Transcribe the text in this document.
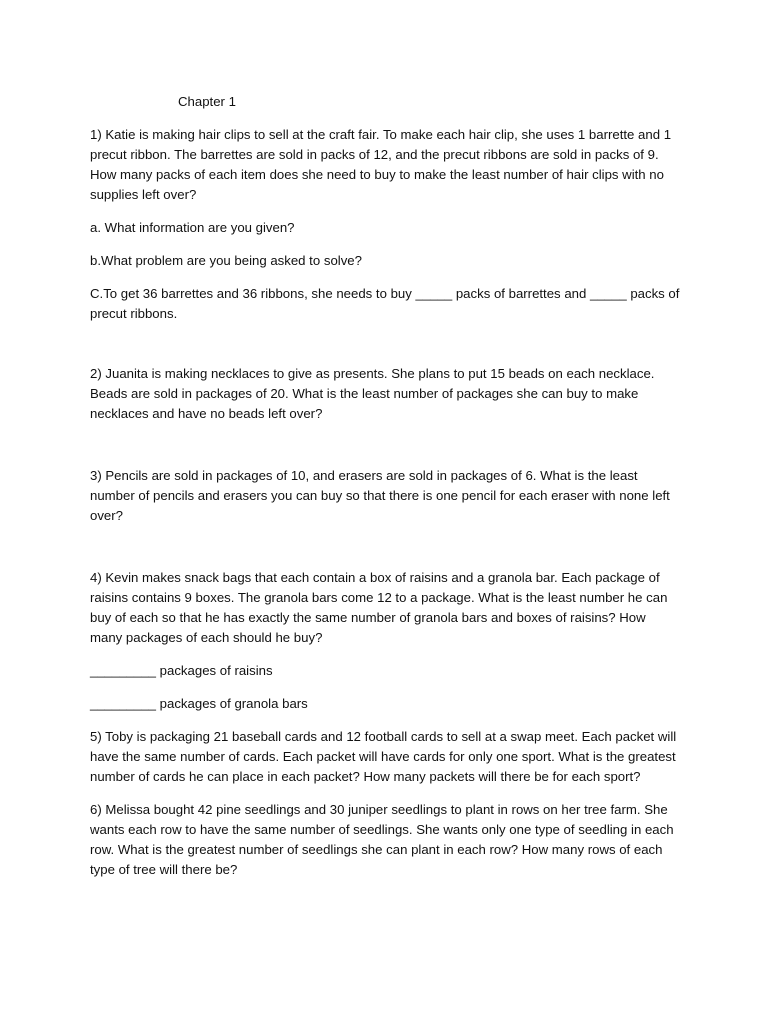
Chapter 1

1) Katie is making hair clips to sell at the craft fair. To make each hair clip, she uses 1 barrette and 1 precut ribbon. The barrettes are sold in packs of 12, and the precut ribbons are sold in packs of 9. How many packs of each item does she need to buy to make the least number of hair clips with no supplies left over?

a. What information are you given?

b.What problem are you being asked to solve?

C.To get 36 barrettes and 36 ribbons, she needs to buy _____ packs of barrettes and _____ packs of precut ribbons.

2) Juanita is making necklaces to give as presents. She plans to put 15 beads on each necklace. Beads are sold in packages of 20. What is the least number of packages she can buy to make necklaces and have no beads left over?

3) Pencils are sold in packages of 10, and erasers are sold in packages of 6. What is the least number of pencils and erasers you can buy so that there is one pencil for each eraser with none left over?

4) Kevin makes snack bags that each contain a box of raisins and a granola bar. Each package of raisins contains 9 boxes. The granola bars come 12 to a package. What is the least number he can buy of each so that he has exactly the same number of granola bars and boxes of raisins? How many packages of each should he buy?

_________ packages of raisins

_________ packages of granola bars

5) Toby is packaging 21 baseball cards and 12 football cards to sell at a swap meet. Each packet will have the same number of cards. Each packet will have cards for only one sport. What is the greatest number of cards he can place in each packet? How many packets will there be for each sport?

6) Melissa bought 42 pine seedlings and 30 juniper seedlings to plant in rows on her tree farm. She wants each row to have the same number of seedlings. She wants only one type of seedling in each row. What is the greatest number of seedlings she can plant in each row? How many rows of each type of tree will there be?
